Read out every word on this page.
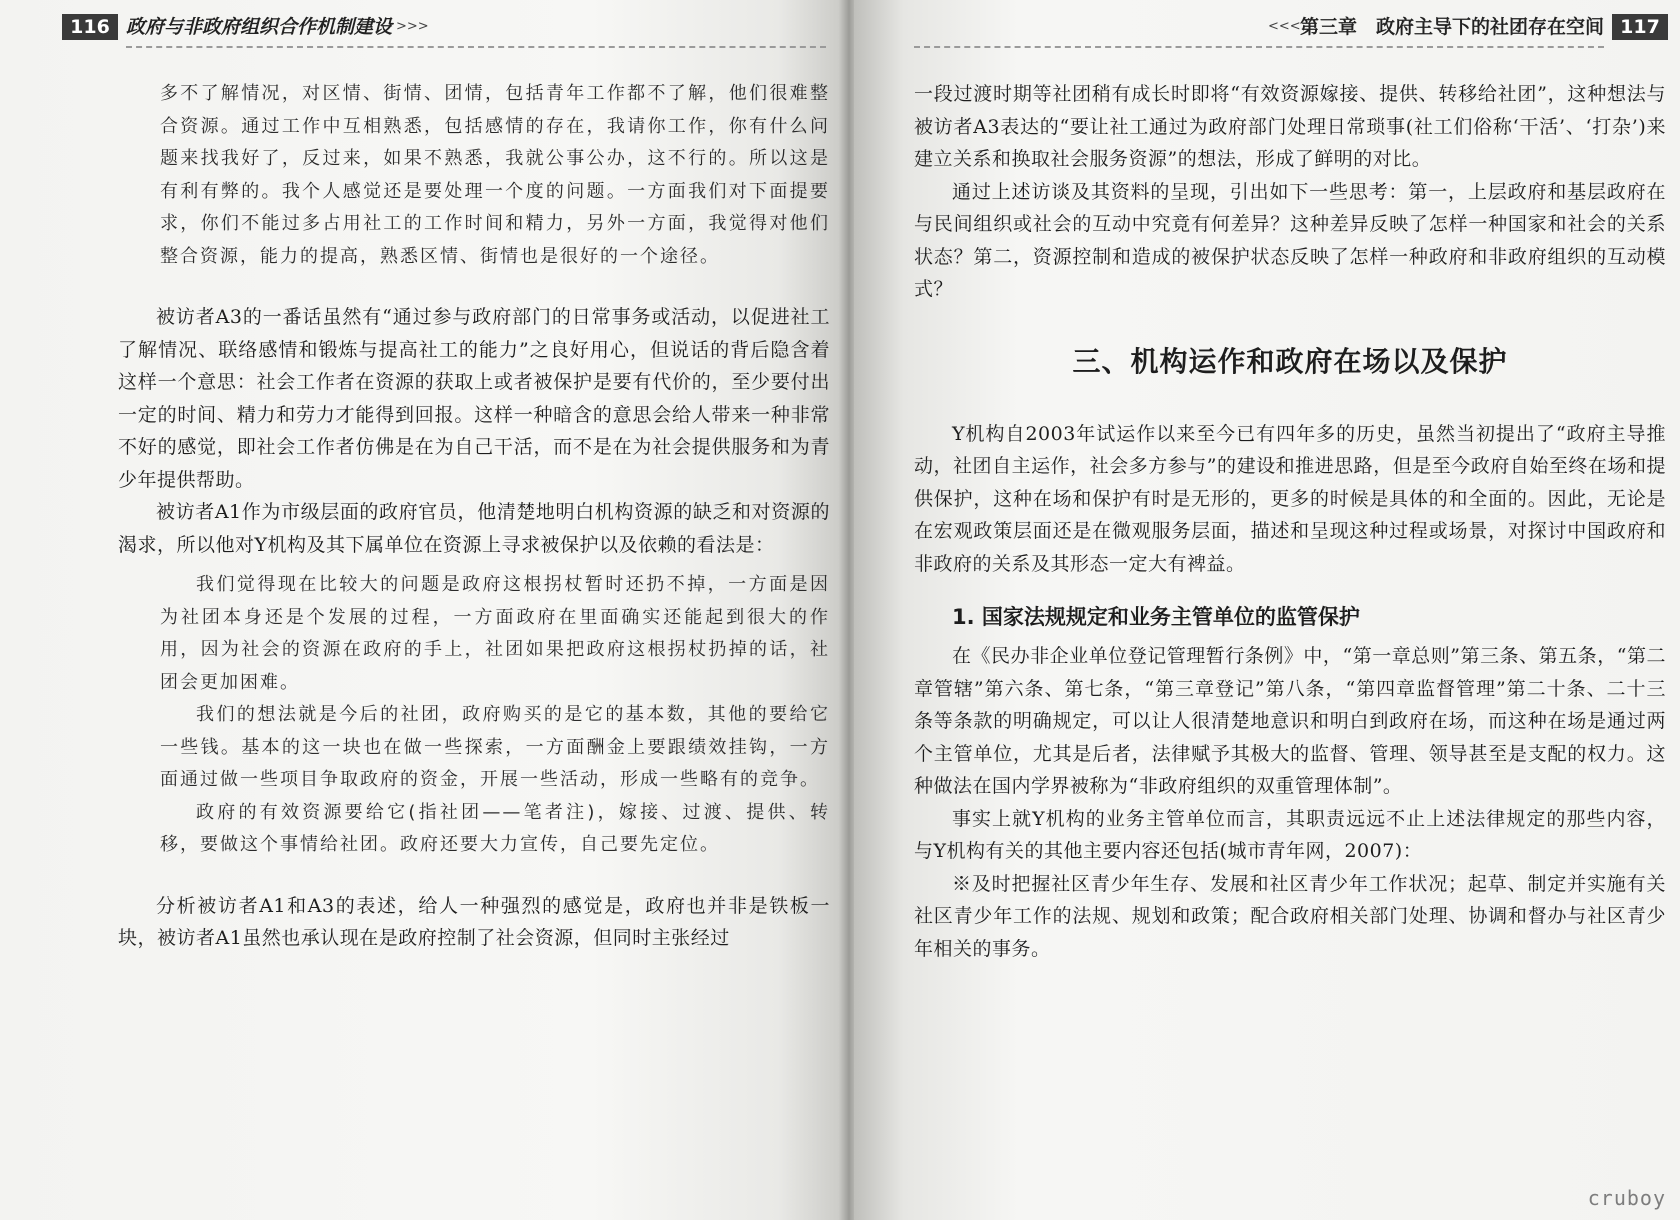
116 政府与非政府组织合作机制建设 >>>

多不了解情况，对区情、街情、团情，包括青年工作都不了解，他们很难整合资源。通过工作中互相熟悉，包括感情的存在，我请你工作，你有什么问题来找我好了，反过来，如果不熟悉，我就公事公办，这不行的。所以这是有利有弊的。我个人感觉还是要处理一个度的问题。一方面我们对下面提要求，你们不能过多占用社工的工作时间和精力，另外一方面，我觉得对他们整合资源，能力的提高，熟悉区情、街情也是很好的一个途径。

被访者A3的一番话虽然有“通过参与政府部门的日常事务或活动，以促进社工了解情况、联络感情和锻炼与提高社工的能力”之良好用心，但说话的背后隐含着这样一个意思：社会工作者在资源的获取上或者被保护是要有代价的，至少要付出一定的时间、精力和劳力才能得到回报。这样一种暗含的意思会给人带来一种非常不好的感觉，即社会工作者仿佛是在为自己干活，而不是在为社会提供服务和为青少年提供帮助。

被访者A1作为市级层面的政府官员，他清楚地明白机构资源的缺乏和对资源的渴求，所以他对Y机构及其下属单位在资源上寻求被保护以及依赖的看法是：

我们觉得现在比较大的问题是政府这根拐杖暂时还扔不掉，一方面是因为社团本身还是个发展的过程，一方面政府在里面确实还能起到很大的作用，因为社会的资源在政府的手上，社团如果把政府这根拐杖扔掉的话，社团会更加困难。

我们的想法就是今后的社团，政府购买的是它的基本数，其他的要给它一些钱。基本的这一块也在做一些探索，一方面酬金上要跟绩效挂钩，一方面通过做一些项目争取政府的资金，开展一些活动，形成一些略有的竞争。

政府的有效资源要给它(指社团——笔者注)，嫁接、过渡、提供、转移，要做这个事情给社团。政府还要大力宣传，自己要先定位。

分析被访者A1和A3的表述，给人一种强烈的感觉是，政府也并非是铁板一块，被访者A1虽然也承认现在是政府控制了社会资源，但同时主张经过

<<< 第三章　政府主导下的社团存在空间 117

一段过渡时期等社团稍有成长时即将“有效资源嫁接、提供、转移给社团”，这种想法与被访者A3表达的“要让社工通过为政府部门处理日常琐事(社工们俗称‘干活’、‘打杂’)来建立关系和换取社会服务资源”的想法，形成了鲜明的对比。

通过上述访谈及其资料的呈现，引出如下一些思考：第一，上层政府和基层政府在与民间组织或社会的互动中究竟有何差异？这种差异反映了怎样一种国家和社会的关系状态？第二，资源控制和造成的被保护状态反映了怎样一种政府和非政府组织的互动模式？

三、机构运作和政府在场以及保护

Y机构自2003年试运作以来至今已有四年多的历史，虽然当初提出了“政府主导推动，社团自主运作，社会多方参与”的建设和推进思路，但是至今政府自始至终在场和提供保护，这种在场和保护有时是无形的，更多的时候是具体的和全面的。因此，无论是在宏观政策层面还是在微观服务层面，描述和呈现这种过程或场景，对探讨中国政府和非政府的关系及其形态一定大有裨益。

1. 国家法规规定和业务主管单位的监管保护

在《民办非企业单位登记管理暂行条例》中，“第一章总则”第三条、第五条，“第二章管辖”第六条、第七条，“第三章登记”第八条，“第四章监督管理”第二十条、二十三条等条款的明确规定，可以让人很清楚地意识和明白到政府在场，而这种在场是通过两个主管单位，尤其是后者，法律赋予其极大的监督、管理、领导甚至是支配的权力。这种做法在国内学界被称为“非政府组织的双重管理体制”。

事实上就Y机构的业务主管单位而言，其职责远远不止上述法律规定的那些内容，与Y机构有关的其他主要内容还包括(城市青年网，2007)：

※及时把握社区青少年生存、发展和社区青少年工作状况；起草、制定并实施有关社区青少年工作的法规、规划和政策；配合政府相关部门处理、协调和督办与社区青少年相关的事务。

cruboy
